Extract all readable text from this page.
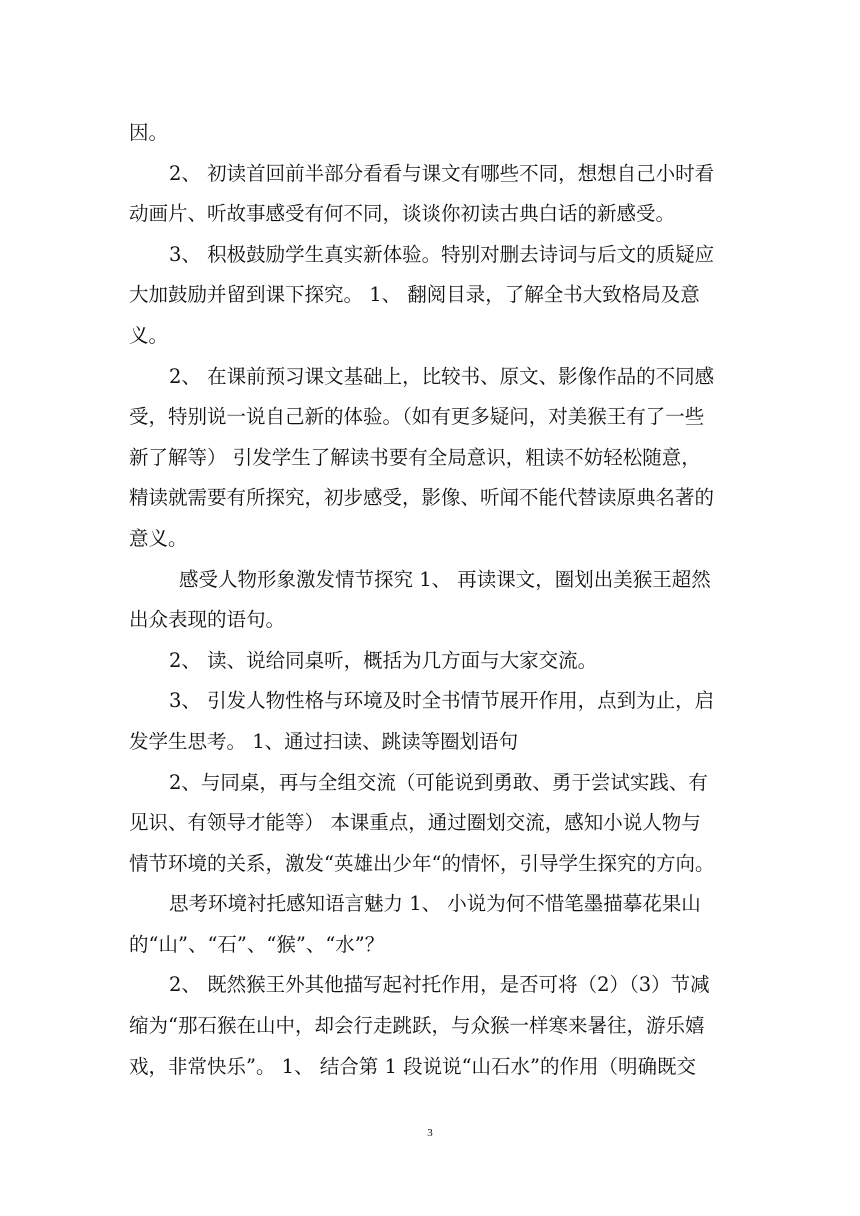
因。
2、 初读首回前半部分看看与课文有哪些不同，想想自己小时看
动画片、听故事感受有何不同，谈谈你初读古典白话的新感受。
3、 积极鼓励学生真实新体验。特别对删去诗词与后文的质疑应
大加鼓励并留到课下探究。 1、 翻阅目录，了解全书大致格局及意
义。
2、 在课前预习课文基础上，比较书、原文、影像作品的不同感
受，特别说一说自己新的体验。（如有更多疑问，对美猴王有了一些
新了解等） 引发学生了解读书要有全局意识，粗读不妨轻松随意，
精读就需要有所探究，初步感受，影像、听闻不能代替读原典名著的
意义。
感受人物形象激发情节探究 1、 再读课文，圈划出美猴王超然
出众表现的语句。
2、 读、说给同桌听，概括为几方面与大家交流。
3、 引发人物性格与环境及时全书情节展开作用，点到为止，启
发学生思考。 1、通过扫读、跳读等圈划语句
2、与同桌，再与全组交流（可能说到勇敢、勇于尝试实践、有
见识、有领导才能等） 本课重点，通过圈划交流，感知小说人物与
情节环境的关系，激发“英雄出少年“的情怀，引导学生探究的方向。
思考环境衬托感知语言魅力 1、 小说为何不惜笔墨描摹花果山
的“山”、“石”、“猴”、“水”？
2、 既然猴王外其他描写起衬托作用，是否可将（2）（3）节减
缩为“那石猴在山中，却会行走跳跃，与众猴一样寒来暑往，游乐嬉
戏，非常快乐”。 1、 结合第 1 段说说“山石水”的作用（明确既交
3
